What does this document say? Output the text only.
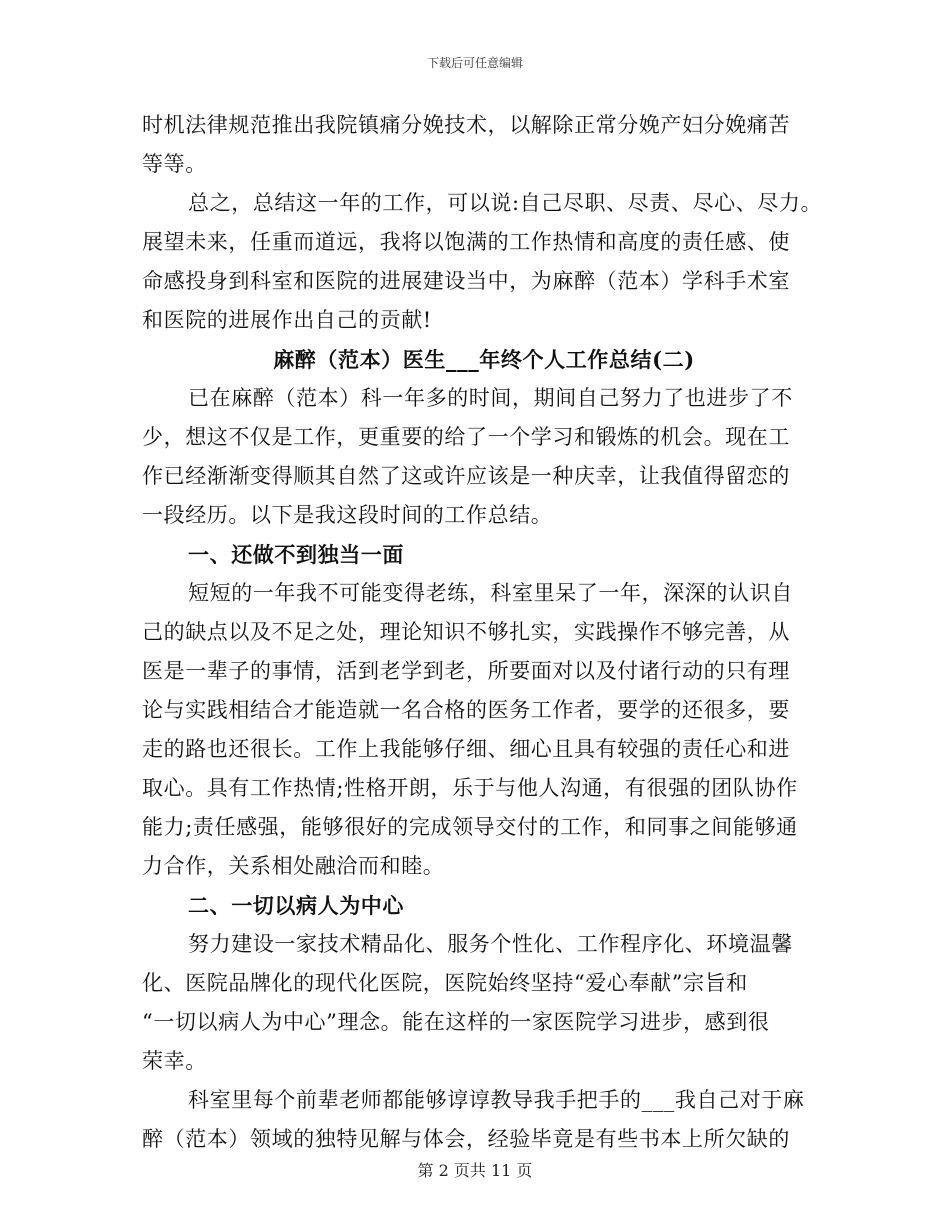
下载后可任意编辑
时机法律规范推出我院镇痛分娩技术，以解除正常分娩产妇分娩痛苦
等等。
总之，总结这一年的工作，可以说:自己尽职、尽责、尽心、尽力。
展望未来，任重而道远，我将以饱满的工作热情和高度的责任感、使
命感投身到科室和医院的进展建设当中，为麻醉（范本）学科手术室
和医院的进展作出自己的贡献!
麻醉（范本）医生___年终个人工作总结(二)
已在麻醉（范本）科一年多的时间，期间自己努力了也进步了不
少，想这不仅是工作，更重要的给了一个学习和锻炼的机会。现在工
作已经渐渐变得顺其自然了这或许应该是一种庆幸，让我值得留恋的
一段经历。以下是我这段时间的工作总结。
一、还做不到独当一面
短短的一年我不可能变得老练，科室里呆了一年，深深的认识自
己的缺点以及不足之处，理论知识不够扎实，实践操作不够完善，从
医是一辈子的事情，活到老学到老，所要面对以及付诸行动的只有理
论与实践相结合才能造就一名合格的医务工作者，要学的还很多，要
走的路也还很长。工作上我能够仔细、细心且具有较强的责任心和进
取心。具有工作热情;性格开朗，乐于与他人沟通，有很强的团队协作
能力;责任感强，能够很好的完成领导交付的工作，和同事之间能够通
力合作，关系相处融洽而和睦。
二、一切以病人为中心
努力建设一家技术精品化、服务个性化、工作程序化、环境温馨
化、医院品牌化的现代化医院，医院始终坚持“爱心奉献”宗旨和
“一切以病人为中心”理念。能在这样的一家医院学习进步，感到很
荣幸。
科室里每个前辈老师都能够谆谆教导我手把手的___我自己对于麻
醉（范本）领域的独特见解与体会，经验毕竟是有些书本上所欠缺的
第 2 页共 11 页
